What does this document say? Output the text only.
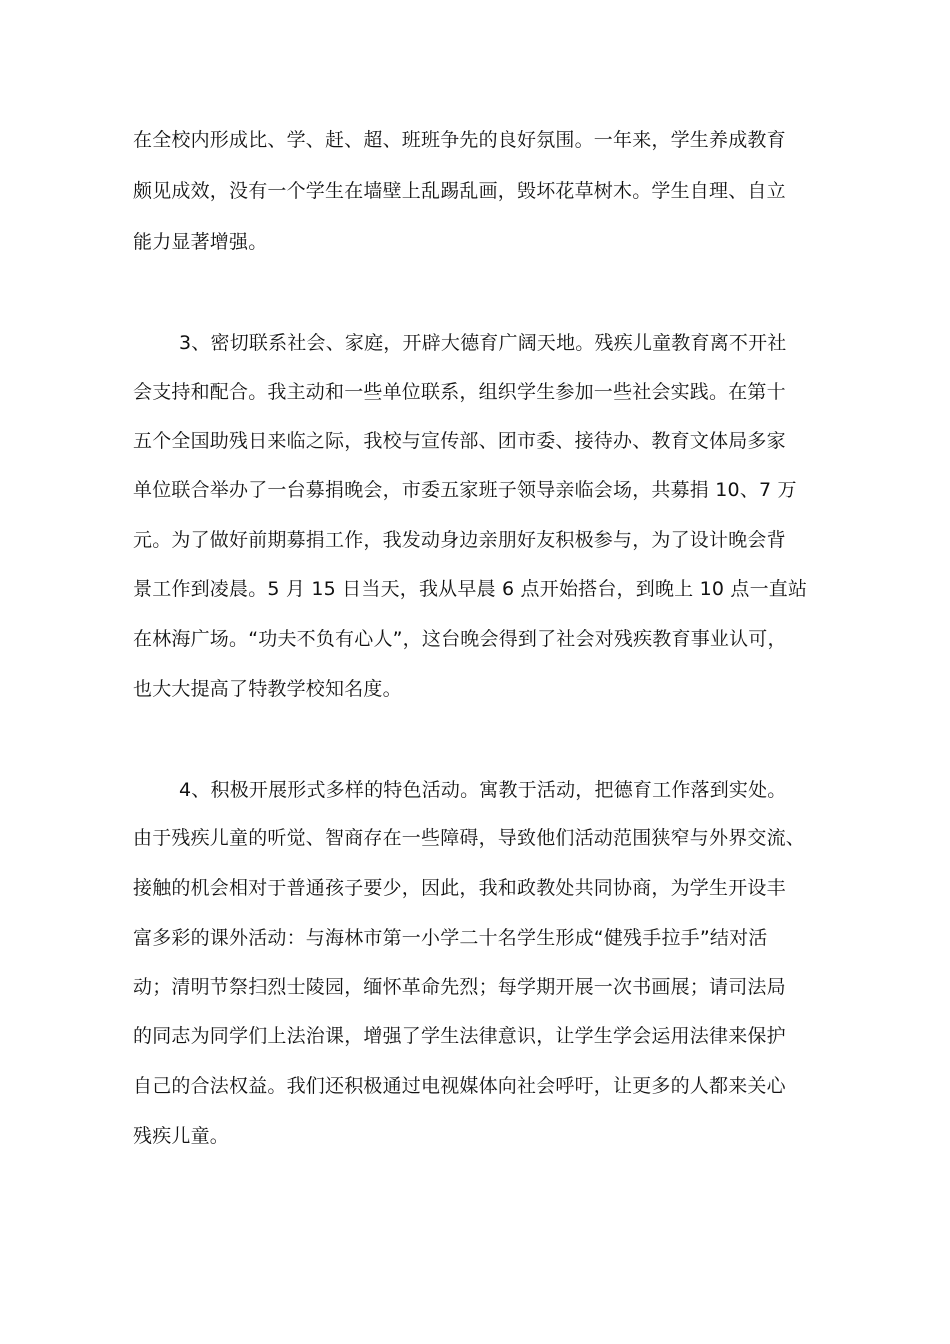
在全校内形成比、学、赶、超、班班争先的良好氛围。一年来，学生养成教育
颇见成效，没有一个学生在墙壁上乱踢乱画，毁坏花草树木。学生自理、自立
能力显著增强。
3、密切联系社会、家庭，开辟大德育广阔天地。残疾儿童教育离不开社
会支持和配合。我主动和一些单位联系，组织学生参加一些社会实践。在第十
五个全国助残日来临之际，我校与宣传部、团市委、接待办、教育文体局多家
单位联合举办了一台募捐晚会，市委五家班子领导亲临会场，共募捐 10、7 万
元。为了做好前期募捐工作，我发动身边亲朋好友积极参与，为了设计晚会背
景工作到凌晨。5 月 15 日当天，我从早晨 6 点开始搭台，到晚上 10 点一直站
在林海广场。“功夫不负有心人”，这台晚会得到了社会对残疾教育事业认可，
也大大提高了特教学校知名度。
4、积极开展形式多样的特色活动。寓教于活动，把德育工作落到实处。
由于残疾儿童的听觉、智商存在一些障碍，导致他们活动范围狭窄与外界交流、
接触的机会相对于普通孩子要少，因此，我和政教处共同协商，为学生开设丰
富多彩的课外活动：与海林市第一小学二十名学生形成“健残手拉手”结对活
动；清明节祭扫烈士陵园，缅怀革命先烈；每学期开展一次书画展；请司法局
的同志为同学们上法治课，增强了学生法律意识，让学生学会运用法律来保护
自己的合法权益。我们还积极通过电视媒体向社会呼吁，让更多的人都来关心
残疾儿童。
